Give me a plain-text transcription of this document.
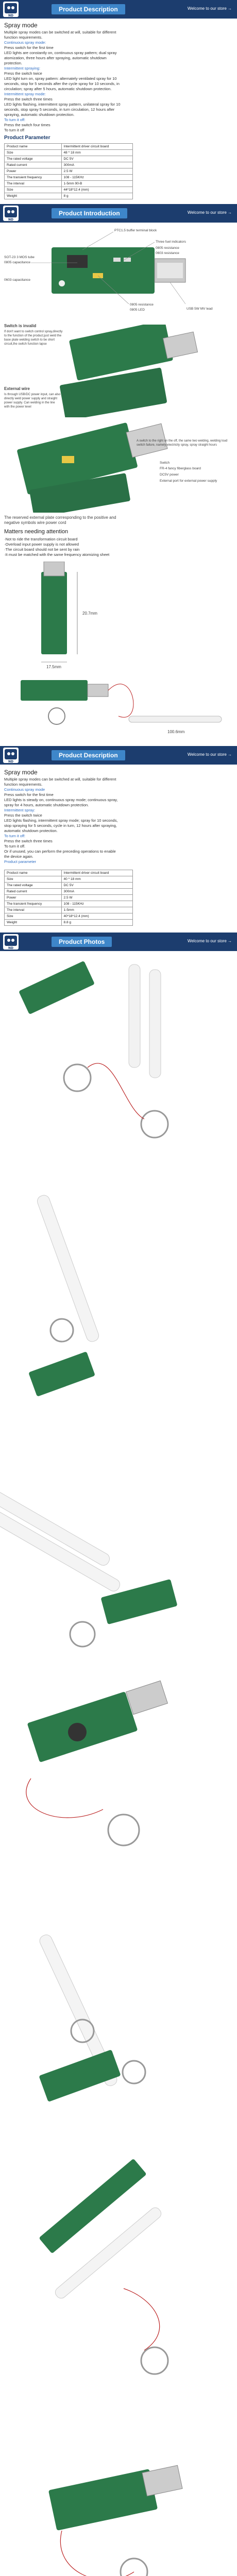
ND
Product Description	Welcome to our store →
Spray mode
Multiple spray modes can be switched at will, suitable for different
function requirements.
Continuous spray mode:
Press switch for the first time
LED lights are constantly on, continuous spray pattern; dual spray
atomization, three hours after spraying, automatic shutdown
protection.
Intermittent spraying:
Press the switch twice
LED light turn on, spray pattern: alternately ventilated spray for 10
seconds, stop for 5 seconds after the cycle spray for 10 seconds, in
circulation; spray after 5 hours, automatic shutdown protection.
Intermittent spray mode:
Press the switch three times
LED lights flashing, intermittent spray pattern, unilateral spray for 10
seconds, stop spray 5 seconds, in turn circulation, 12 hours after
spraying, automatic shutdown protection.
To turn it off:
Press the switch four times
To turn it off
Product Parameter
Product name	Intermittent driver circuit board
Size	48 * 18 mm
The rated voltage	DC 5V
Rated current	300mA
Power	2.5 W
The transient frequency	108 - 115KHz
The interval	1-5mm 90-B
Size	44*18*12.4 (mm)
Weight	8 g
ND
Product Introduction	Welcome to our store →
PTC1.5 buffer terminal block
Three fuel indicators
0805 resistance
0603 resistance
SOT-23 3 MOS tube
0805 capacitance
0603 capacitance
0805 resistance
0805 LED	USB 5W MV lead
Switch is invalid
If don't want to switch control spray,directly to the function of the product,just weld the base plate welding switch to be short circuit,the switch function lapse
External wire
Is through USB/DC power input, can also directly weld power supply and straight power supply. Can welding in the line with the power level
A switch to the right on the off, the same two welding, welding loud switch failure, namely electricity spray, spray straight hours
Switch
FR-4 fancy fiberglass board
DC5V power
External port for external power supply
The reserved external plate corresponding to the positive and negative symbols wire power cord
Matters needing attention
·Not to ride the transformation circuit board
·Overload input power supply is not allowed
·The circuit board should not be sent by rain
·It must be matched with the same frequency atomizing sheet
20.7mm
17.5mm
100.6mm
ND
Product Description	Welcome to our store →
Spray mode
Multiple spray modes can be switched at will, suitable for different
function requirements.
Continuous spray mode
Press switch for the first time
LED lights is steady on, continuous spray mode; continuous spray,
spray for 4 hours, automatic shutdown protection.
Intermittent spray:
Press the switch twice
LED lights flashing, intermittent spray mode; spray for 10 seconds,
stop spraying for 5 seconds, cycle in turn, 12 hours after spraying,
automatic shutdown protection.
To turn it off:
Press the switch three times
To turn it off.
Or if unused, you can perform the preceding operations to enable
the device again.
Product parameter
Product name	Intermittent driver circuit board
Size	40 * 18 mm
The rated voltage	DC 5V
Rated current	300mA
Power	2.5 W
The transient frequency	108 - 115KHz
The interval	1-5mm
Size	40*18*12.4 (mm)
Weight	8.8 g
ND
Product Photos	Welcome to our store →
